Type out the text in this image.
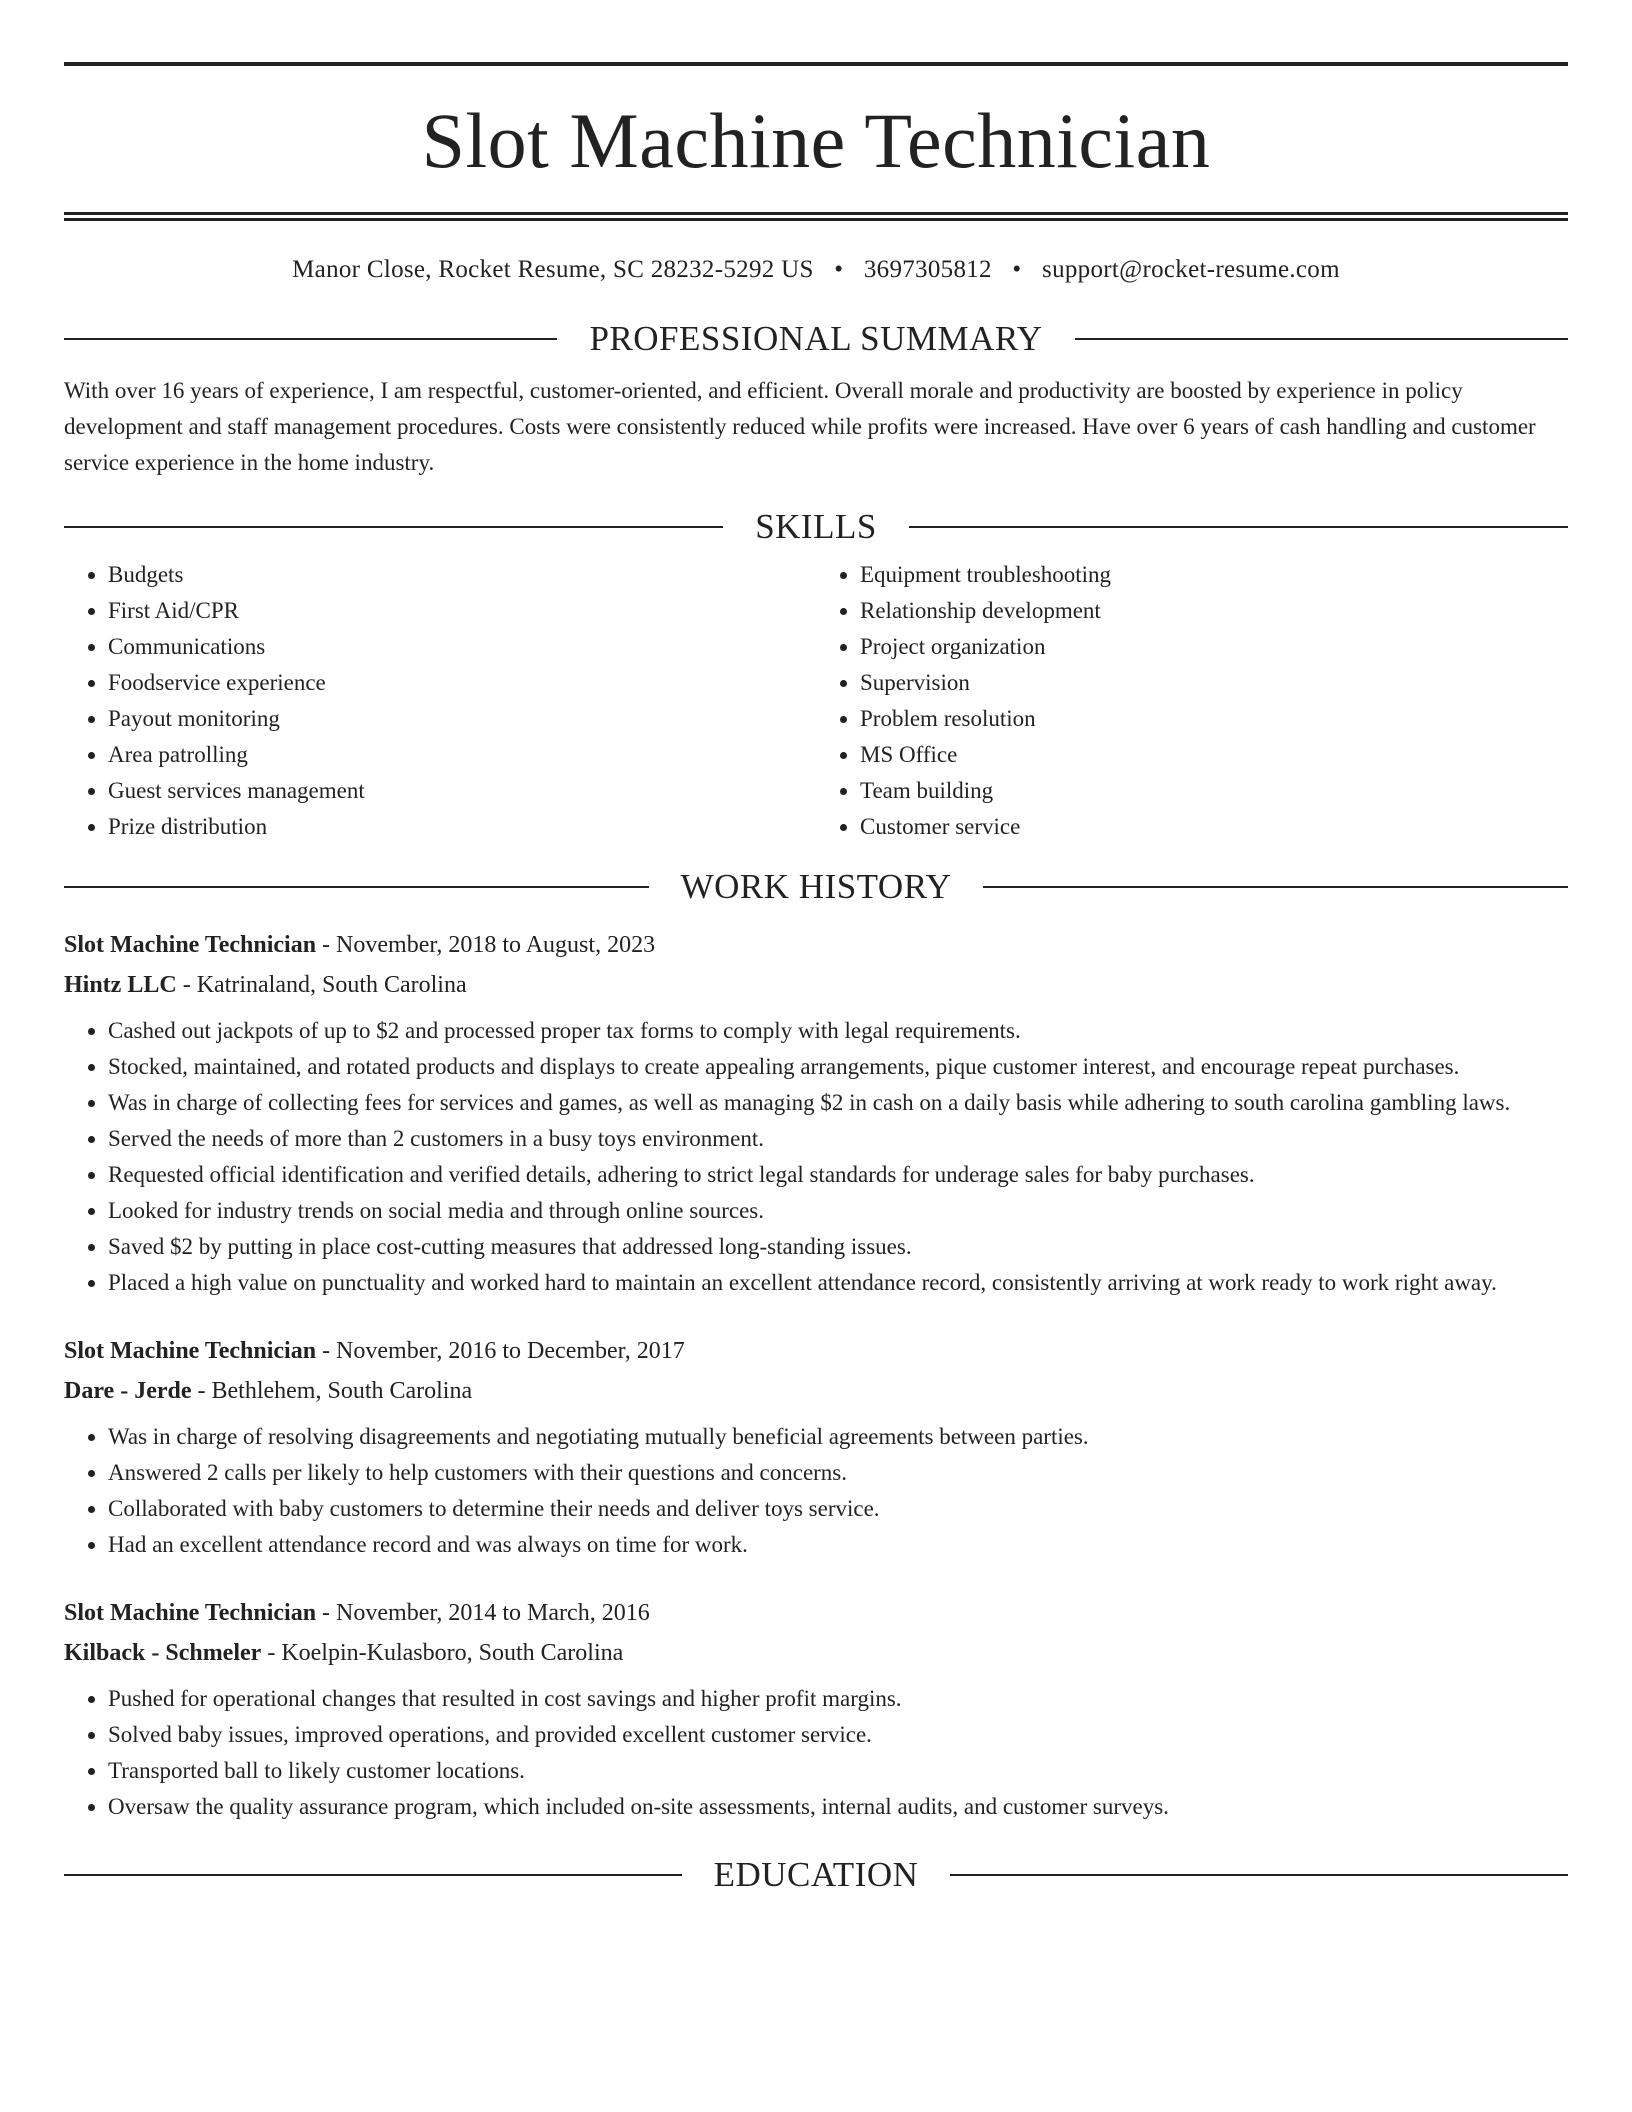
Slot Machine Technician
Manor Close, Rocket Resume, SC 28232-5292 US • 3697305812 • support@rocket-resume.com
PROFESSIONAL SUMMARY

With over 16 years of experience, I am respectful, customer-oriented, and efficient. Overall morale and productivity are boosted by experience in policy development and staff management procedures. Costs were consistently reduced while profits were increased. Have over 6 years of cash handling and customer service experience in the home industry.

SKILLS
• Budgets
• First Aid/CPR
• Communications
• Foodservice experience
• Payout monitoring
• Area patrolling
• Guest services management
• Prize distribution
• Equipment troubleshooting
• Relationship development
• Project organization
• Supervision
• Problem resolution
• MS Office
• Team building
• Customer service
WORK HISTORY
Slot Machine Technician - November, 2018 to August, 2023
Hintz LLC - Katrinaland, South Carolina
• Cashed out jackpots of up to $2 and processed proper tax forms to comply with legal requirements.
• Stocked, maintained, and rotated products and displays to create appealing arrangements, pique customer interest, and encourage repeat purchases.
• Was in charge of collecting fees for services and games, as well as managing $2 in cash on a daily basis while adhering to south carolina gambling laws.
• Served the needs of more than 2 customers in a busy toys environment.
• Requested official identification and verified details, adhering to strict legal standards for underage sales for baby purchases.
• Looked for industry trends on social media and through online sources.
• Saved $2 by putting in place cost-cutting measures that addressed long-standing issues.
• Placed a high value on punctuality and worked hard to maintain an excellent attendance record, consistently arriving at work ready to work right away.
Slot Machine Technician - November, 2016 to December, 2017
Dare - Jerde - Bethlehem, South Carolina
• Was in charge of resolving disagreements and negotiating mutually beneficial agreements between parties.
• Answered 2 calls per likely to help customers with their questions and concerns.
• Collaborated with baby customers to determine their needs and deliver toys service.
• Had an excellent attendance record and was always on time for work.
Slot Machine Technician - November, 2014 to March, 2016
Kilback - Schmeler - Koelpin-Kulasboro, South Carolina
• Pushed for operational changes that resulted in cost savings and higher profit margins.
• Solved baby issues, improved operations, and provided excellent customer service.
• Transported ball to likely customer locations.
• Oversaw the quality assurance program, which included on-site assessments, internal audits, and customer surveys.
EDUCATION
